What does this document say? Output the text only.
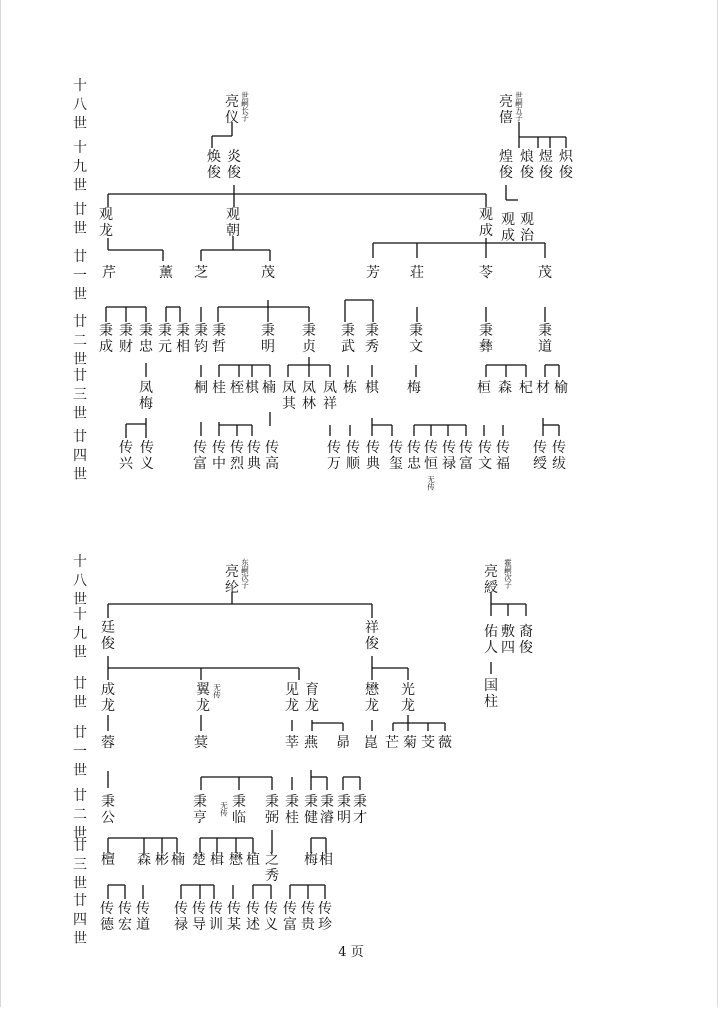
十
八
世
十
八
世
十
九
世
十
九
世
廿
世
廿
世
廿
一
世
廿
一
世
廿
二
世
廿
二
世
廿
三
世
廿
三
世
廿
四
世
廿
四
世
亮
仪
世
嗣
长
子
亮
僖
世
嗣
五
子
焕
俊
炎
俊
煌
俊
烺
俊
煜
俊
炽
俊
观
龙
观
朝
观
成
观
成
观
治
芹	薰 芝	茂	芳 荘	苓	茂
秉
成
秉
财
秉
忠
秉
元
秉
相
秉
钧
秉
哲
秉
明
秉
贞
秉
武
秉
秀
秉
文
秉
彝
秉
道
凤
梅
桐 桂 桎 棋 楠 凤
其
凤
林
凤
祥
栋 棋 梅	桓 森 杞 材 榆
传
兴
传
义
传
富
传
中
传
烈
传
典
传
高
传
万
传
顺
传
典
传
玺
传
忠
传
恒
传
禄
传
富
传
文
传
福
传
绶
传
绂
无
传
亮
纶
东
嗣
次
子
亮
綬
霍
嗣
次
子
廷
俊
祥
俊
佑
人
敷
四
裔
俊
国
柱
成
龙
翼
龙
无
传	见
龙
育
龙
懋
龙
光
龙
蓉	蓂	莘 燕 昴 崑 芒 菊 芠 薇
秉
公
秉
亨
秉
临
无
传
秉
弼
秉
桂
秉
健
秉
濬
秉
明
秉
才
檀 森 彬 楠 楚 楫 懋 植 之
秀
梅 相
传
德
传
宏
传
道
传
禄
传
导
传
训
传
某
传
述
传
义
传
富
传
贵
传
珍
4 页
